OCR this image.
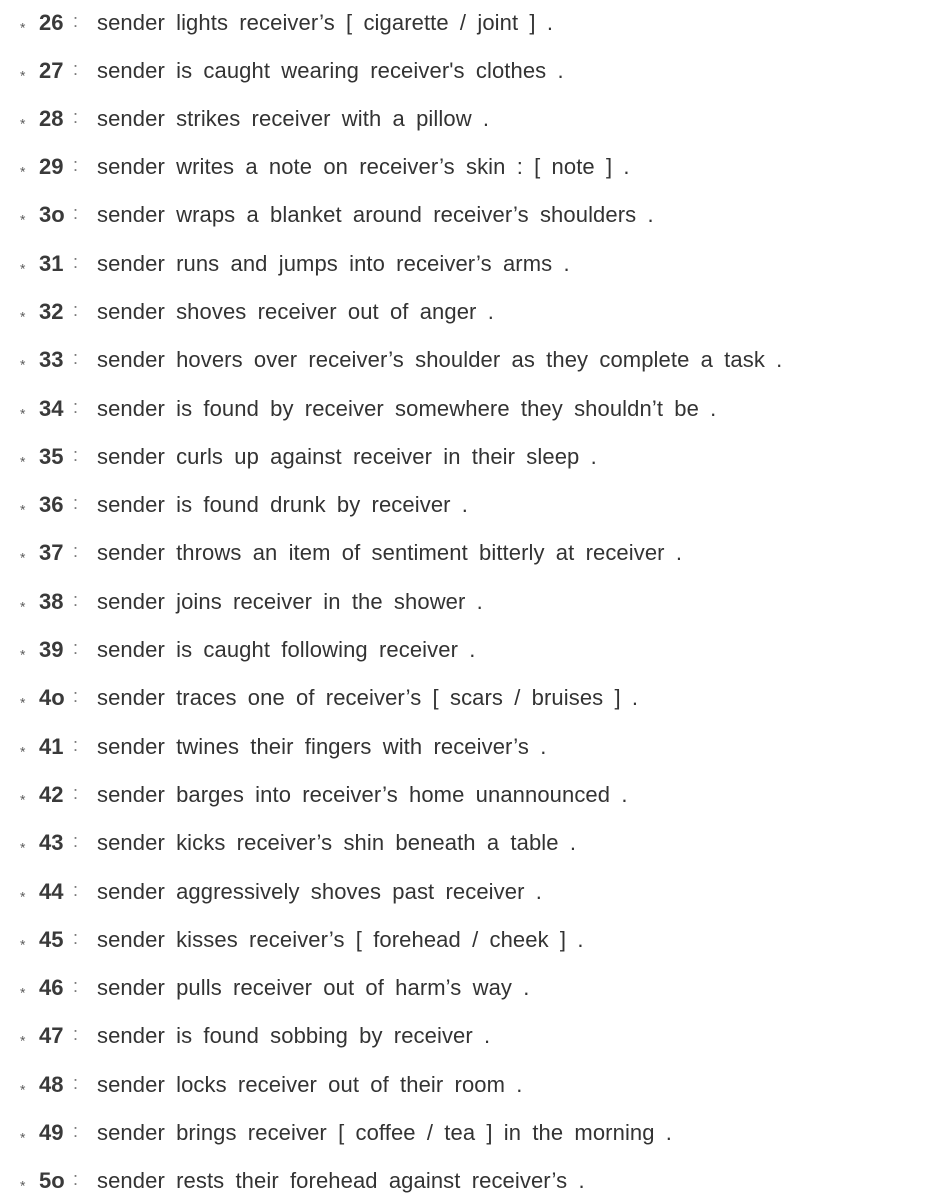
* 26 : sender lights receiver’s [ cigarette / joint ] .
* 27 : sender is caught wearing receiver's clothes .
* 28 : sender strikes receiver with a pillow .
* 29 : sender writes a note on receiver’s skin : [ note ] .
* 3o : sender wraps a blanket around receiver’s shoulders .
* 31 : sender runs and jumps into receiver’s arms .
* 32 : sender shoves receiver out of anger .
* 33 : sender hovers over receiver’s shoulder as they complete a task .
* 34 : sender is found by receiver somewhere they shouldn’t be .
* 35 : sender curls up against receiver in their sleep .
* 36 : sender is found drunk by receiver .
* 37 : sender throws an item of sentiment bitterly at receiver .
* 38 : sender joins receiver in the shower .
* 39 : sender is caught following receiver .
* 4o : sender traces one of receiver’s [ scars / bruises ] .
* 41 : sender twines their fingers with receiver’s .
* 42 : sender barges into receiver’s home unannounced .
* 43 : sender kicks receiver’s shin beneath a table .
* 44 : sender aggressively shoves past receiver .
* 45 : sender kisses receiver’s [ forehead / cheek ] .
* 46 : sender pulls receiver out of harm’s way .
* 47 : sender is found sobbing by receiver .
* 48 : sender locks receiver out of their room .
* 49 : sender brings receiver [ coffee / tea ] in the morning .
* 5o : sender rests their forehead against receiver’s .
